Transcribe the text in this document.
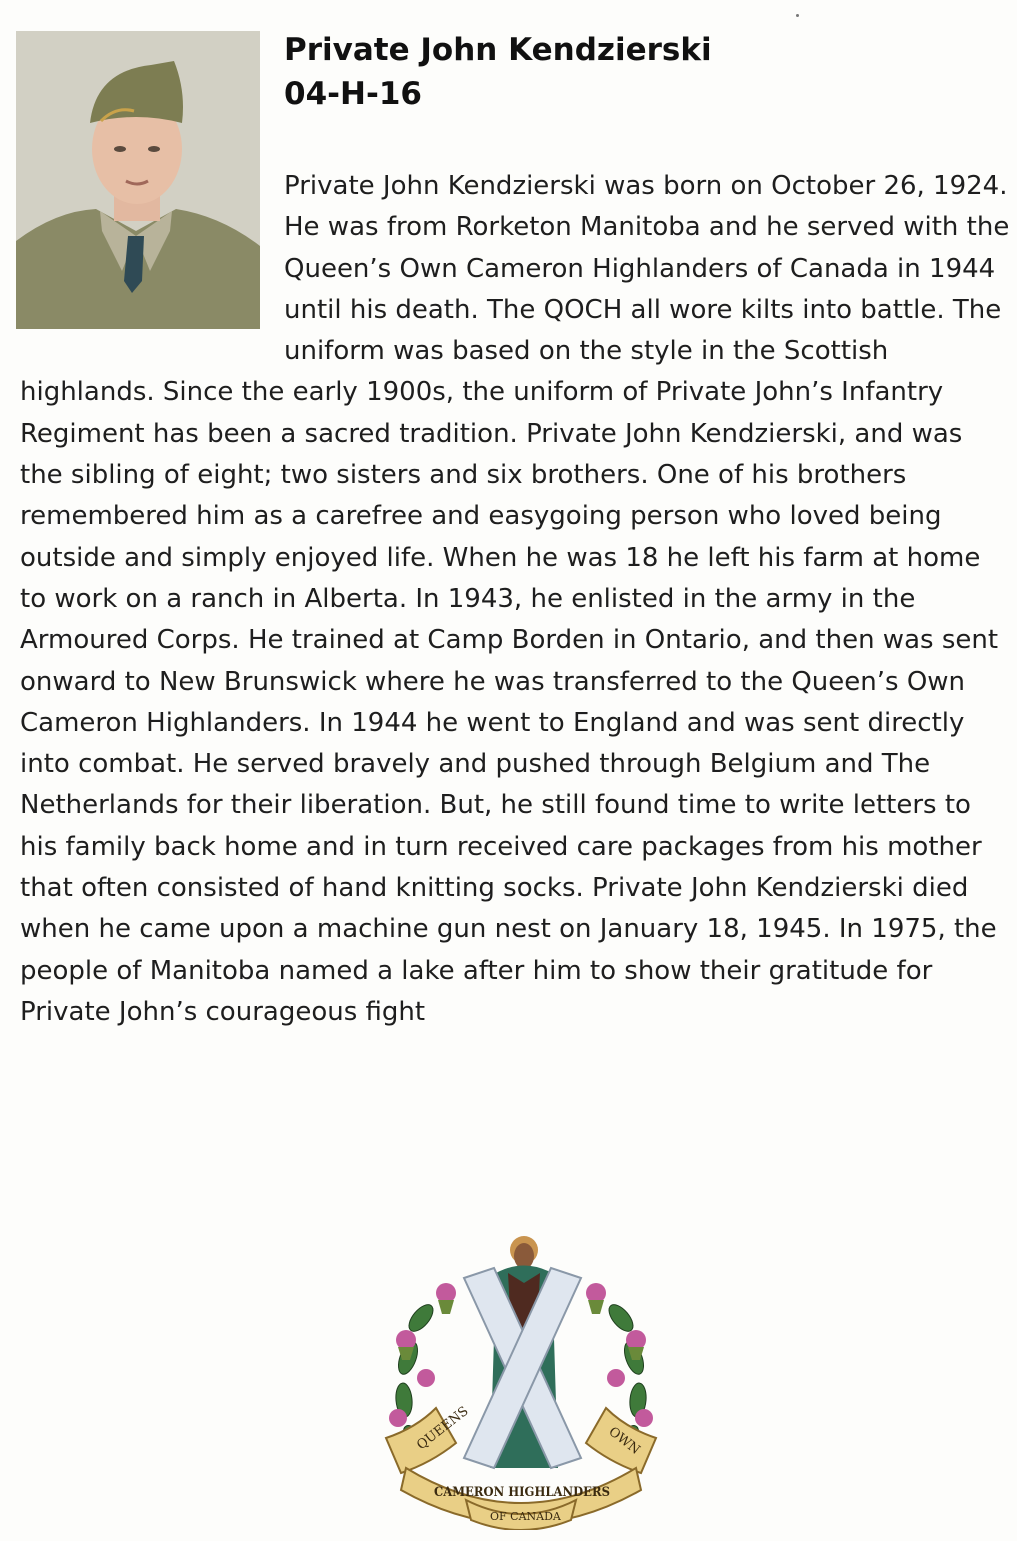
Private John Kendzierski
04-H-16
Private John Kendzierski was born on October 26, 1924. He was from Rorketon Manitoba and he served with the Queen’s Own Cameron Highlanders of Canada in 1944 until his death. The QOCH all wore kilts into battle. The uniform was based on the style in the Scottish highlands. Since the early 1900s, the uniform of Private John’s Infantry Regiment has been a sacred tradition. Private John Kendzierski, and was the sibling of eight; two sisters and six brothers. One of his brothers remembered him as a carefree and easygoing person who loved being outside and simply enjoyed life. When he was 18 he left his farm at home to work on a ranch in Alberta. In 1943, he enlisted in the army in the Armoured Corps. He trained at Camp Borden in Ontario, and then was sent onward to New Brunswick where he was transferred to the Queen’s Own Cameron Highlanders. In 1944 he went to England and was sent directly into combat. He served bravely and pushed through Belgium and The Netherlands for their liberation. But, he still found time to write letters to his family back home and in turn received care packages from his mother that often consisted of hand knitting socks. Private John Kendzierski died when he came upon a machine gun nest on January 18, 1945. In 1975, the people of Manitoba named a lake after him to show their gratitude for Private John’s courageous fight
QUEENS	OWN
CAMERON HIGHLANDERS
OF CANADA
